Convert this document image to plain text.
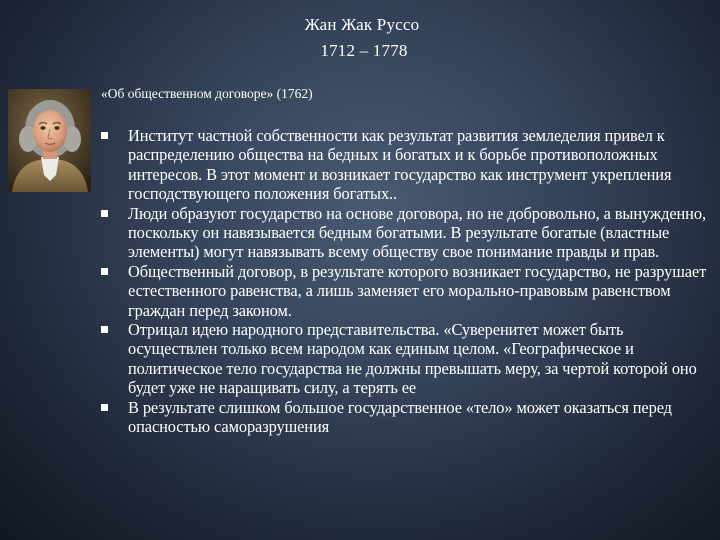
Жан Жак Руссо
1712 – 1778
«Об общественном договоре» (1762)
Институт частной собственности как результат развития земледелия привел к распределению общества на бедных и богатых и к борьбе противоположных интересов. В этот момент и возникает государство как инструмент укрепления господствующего положения богатых..
Люди образуют государство на основе договора, но не добровольно, а вынужденно, поскольку он навязывается бедным богатыми. В результате богатые (властные элементы) могут навязывать всему обществу свое понимание правды и прав.
Общественный договор, в результате которого возникает государство, не разрушает естественного равенства, а лишь заменяет его морально-правовым равенством граждан перед законом.
Отрицал идею народного представительства. «Суверенитет может быть осуществлен только всем народом как единым целом. «Географическое и политическое тело государства не должны превышать меру, за чертой которой оно будет уже не наращивать силу, а терять ее
В результате слишком большое государственное «тело» может оказаться перед опасностью саморазрушения
